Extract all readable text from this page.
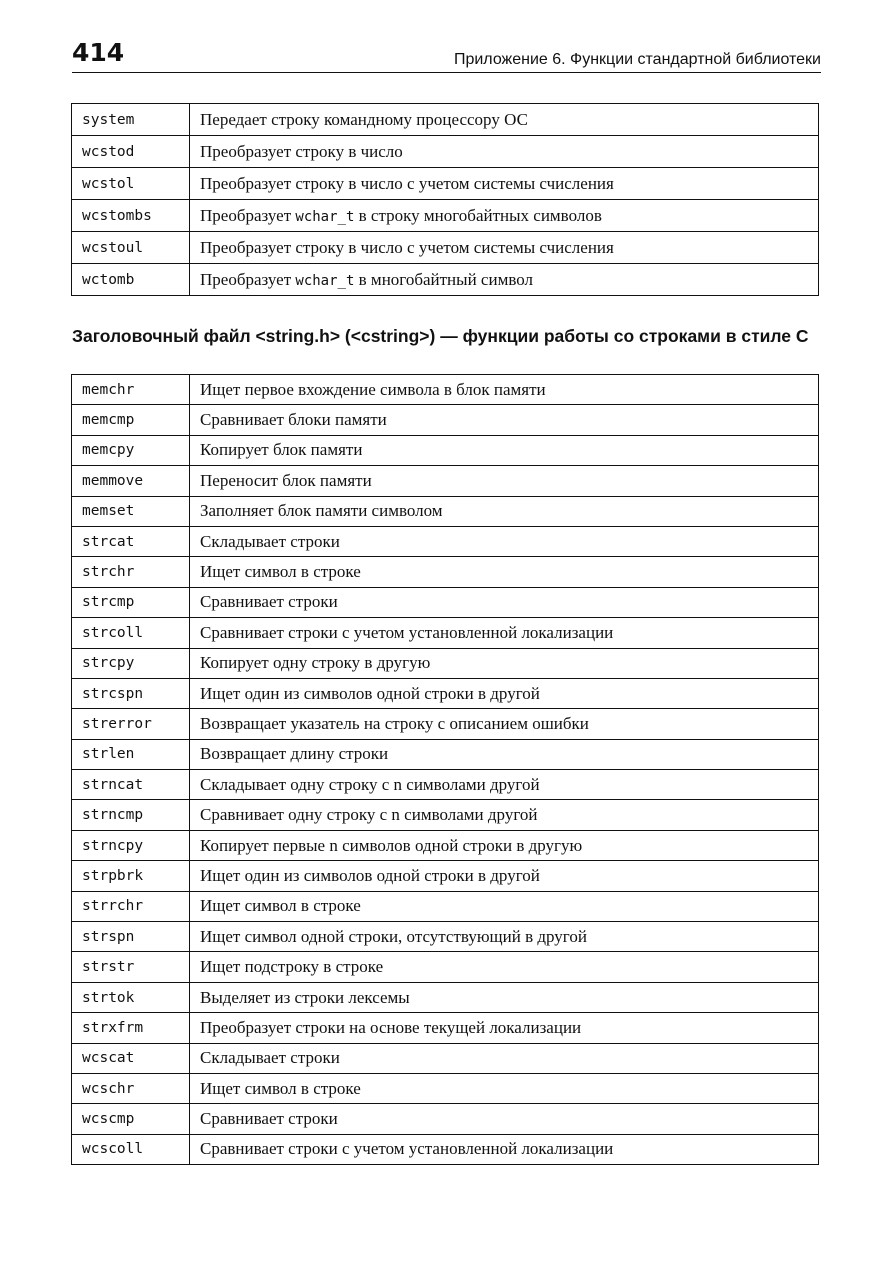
414	Приложение 6. Функции стандартной библиотеки
system	Передает строку командному процессору ОС
wcstod	Преобразует строку в число
wcstol	Преобразует строку в число с учетом системы счисления
wcstombs	Преобразует wchar_t в строку многобайтных символов
wcstoul	Преобразует строку в число с учетом системы счисления
wctomb	Преобразует wchar_t в многобайтный символ
Заголовочный файл <string.h> (<cstring>) — функции работы со строками в стиле С
memchr	Ищет первое вхождение символа в блок памяти
memcmp	Сравнивает блоки памяти
memcpy	Копирует блок памяти
memmove	Переносит блок памяти
memset	Заполняет блок памяти символом
strcat	Складывает строки
strchr	Ищет символ в строке
strcmp	Сравнивает строки
strcoll	Сравнивает строки с учетом установленной локализации
strcpy	Копирует одну строку в другую
strcspn	Ищет один из символов одной строки в другой
strerror	Возвращает указатель на строку с описанием ошибки
strlen	Возвращает длину строки
strncat	Складывает одну строку с n символами другой
strncmp	Сравнивает одну строку с n символами другой
strncpy	Копирует первые n символов одной строки в другую
strpbrk	Ищет один из символов одной строки в другой
strrchr	Ищет символ в строке
strspn	Ищет символ одной строки, отсутствующий в другой
strstr	Ищет подстроку в строке
strtok	Выделяет из строки лексемы
strxfrm	Преобразует строки на основе текущей локализации
wcscat	Складывает строки
wcschr	Ищет символ в строке
wcscmp	Сравнивает строки
wcscoll	Сравнивает строки с учетом установленной локализации
